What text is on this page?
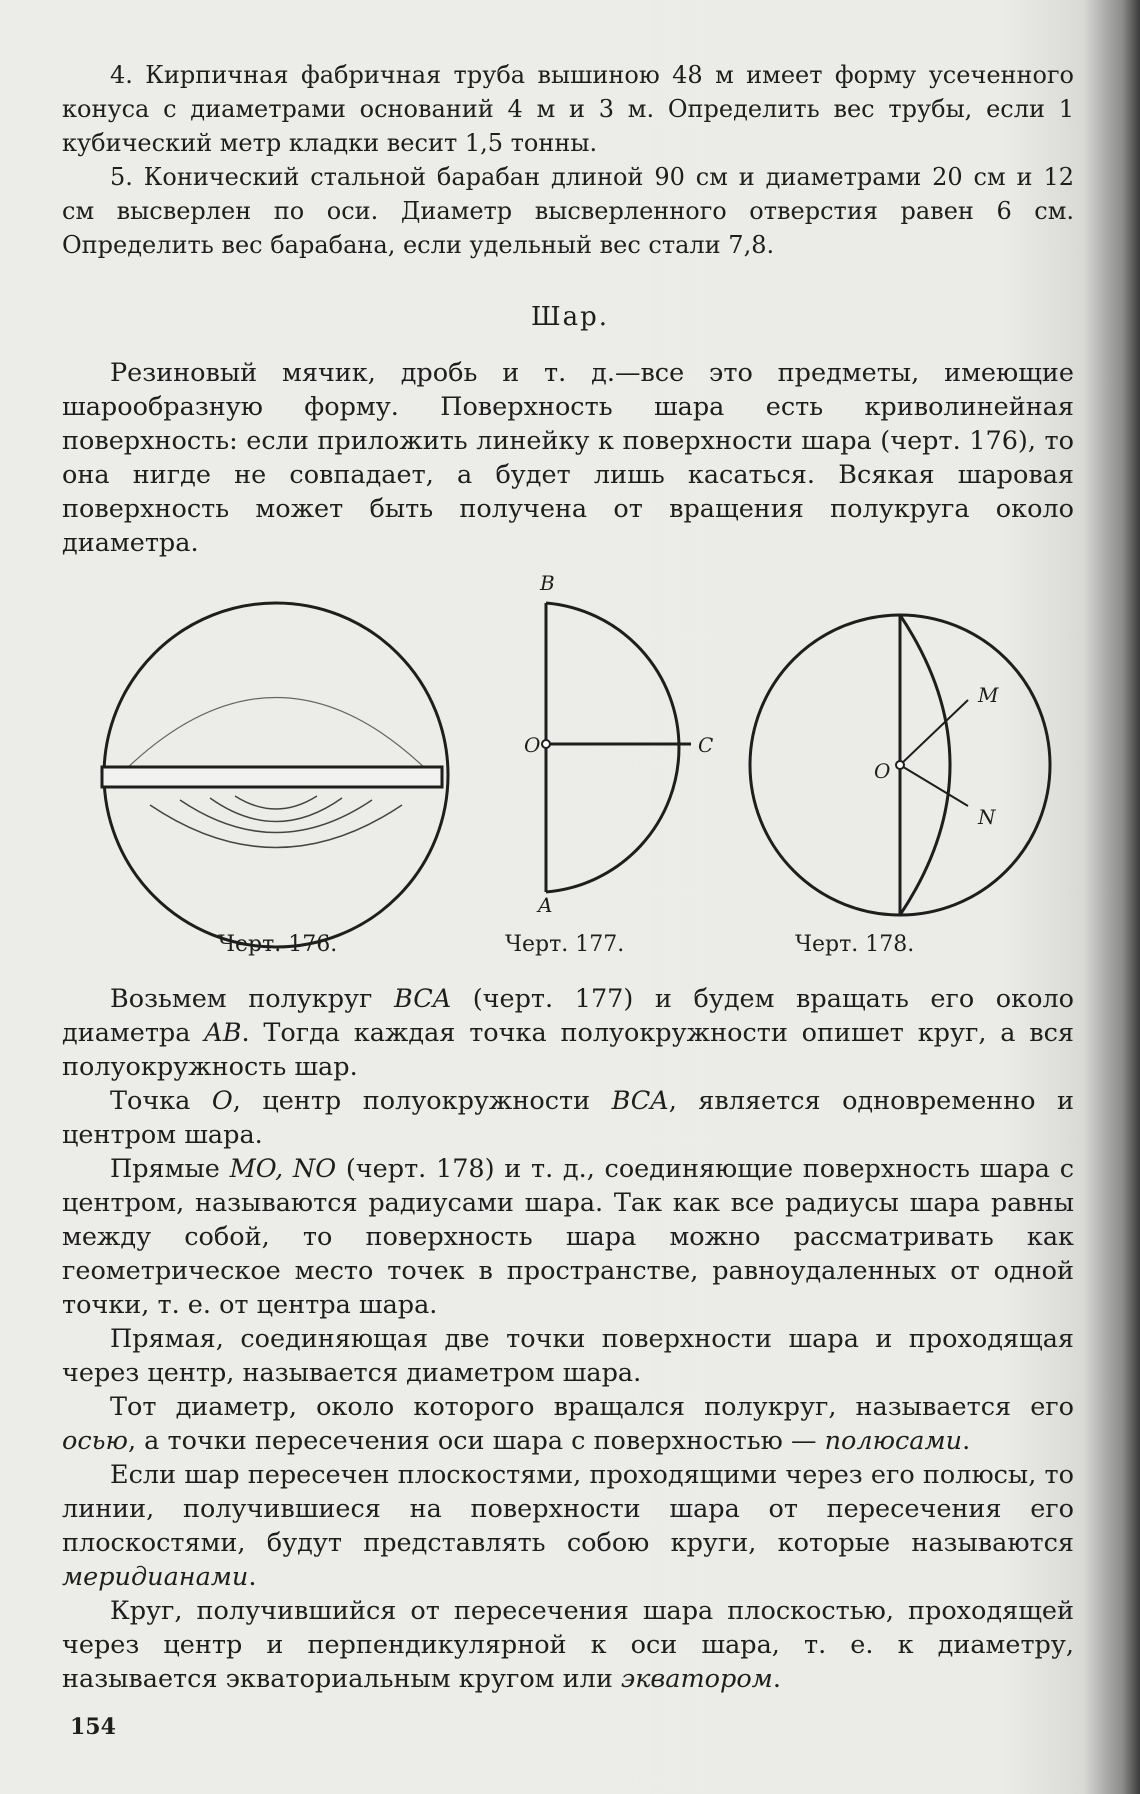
4. Кирпичная фабричная труба вышиною 48 м имеет форму усеченного конуса с диаметрами оснований 4 м и 3 м. Определить вес трубы, если 1 кубический метр кладки весит 1,5 тонны.

5. Конический стальной барабан длиной 90 см и диаметрами 20 см и 12 см высверлен по оси. Диаметр высверленного отверстия равен 6 см. Определить вес барабана, если удельный вес стали 7,8.

Шар.

Резиновый мячик, дробь и т. д.—все это предметы, имеющие шарообразную форму. Поверхность шара есть криволинейная поверхность: если приложить линейку к поверхности шара (черт. 176), то она нигде не совпадает, а будет лишь касаться. Всякая шаровая поверхность может быть получена от вращения полукруга около диаметра.

B
O	C
A
O
M
N
Черт. 176.	Черт. 177.	Черт. 178.

Возьмем полукруг BCA (черт. 177) и будем вращать его около диаметра AB. Тогда каждая точка полуокружности опишет круг, а вся полуокружность шар.

Точка O, центр полуокружности BCA, является одновременно и центром шара.

Прямые MO, NO (черт. 178) и т. д., соединяющие поверхность шара с центром, называются радиусами шара. Так как все радиусы шара равны между собой, то поверхность шара можно рассматривать как геометрическое место точек в пространстве, равноудаленных от одной точки, т. е. от центра шара.

Прямая, соединяющая две точки поверхности шара и проходящая через центр, называется диаметром шара.

Тот диаметр, около которого вращался полукруг, называется его осью, а точки пересечения оси шара с поверхностью — полюсами.

Если шар пересечен плоскостями, проходящими через его полюсы, то линии, получившиеся на поверхности шара от пересечения его плоскостями, будут представлять собою круги, которые называются меридианами.

Круг, получившийся от пересечения шара плоскостью, проходящей через центр и перпендикулярной к оси шара, т. е. к диаметру, называется экваториальным кругом или экватором.

154
